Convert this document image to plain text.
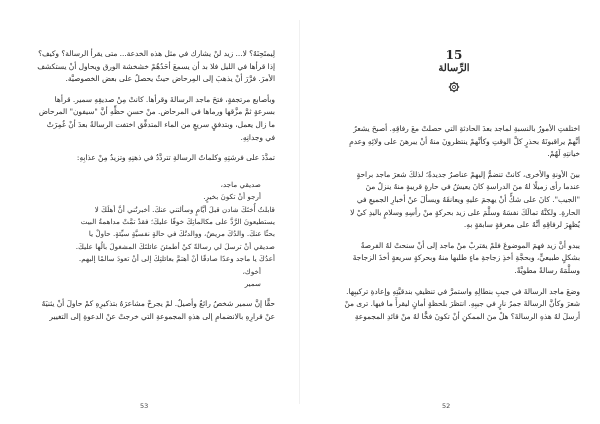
لِيمتَحِنَهُ؟ لا... زيد لنْ يشارك في مثل هذه الخدعة... متى يقرأ الرسالة؟ وكيف؟

إذا قرأها في الليل فلا بد أن يسمعَ أحَدُهُمْ خشخشة الورق ويحاول أنْ يستكشف

الأمرَ. فرَّرَ أنْ يذهبَ إلى المِرحاض حيثُ يحصلُ على بعض الخصوصيَّة.

وبأصابع مرتجفةٍ، فتحَ ماجد الرسالةَ وقرأها. كانتْ مِنْ صديقِهِ سمير. قرأها

بسرعةٍ ثمَّ مزَّقها ورماها في المرحاض. منْ حسنِ حظِّهِ أنَّ "سيفون" المرحاض

ما زال يعمل، وبتدفقٍ سريعٍ من الماء المتدفِّق اختفت الرسالةُ بعدَ أنْ غُمِرَتْ

في وجدانِهِ.

تمدَّدَ على فرشتِهِ وكلماتُ الرسالةِ تتردَّدُ في ذهنِهِ وتزيدُ مِنْ عذابِهِ:

صديقي ماجد،

أرجو أنْ تكونَ بخيرٍ.

قابلتُ أُختَكَ شادن قبلَ أيَّامٍ وسألتني عنكَ. أخبرتُني أنَّ أهلَكَ لا

يستطيعونَ الرَّدَّ على مكالماتِكَ خوفًا عليكَ؛ فقدْ تمَّتْ مداهمةُ البيت

بحثًا عنكَ. والدُكَ مريضٌ، ووالدتُكَ في حالةٍ نفسيَّةٍ سيِّئةٍ. حاولْ يا

صديقي أنْ ترسلَ لي رسالةً كيْ أطمئنَ عائلتَكَ المشغولَ بالُها عليكَ.

أعدُكَ يا ماجد وعدًا صادقًا أنْ أهتمَّ بعائلتِكَ إلى أنْ تعودَ سالمًا إليهم.

أخوك،

سمير

حقًّا إنَّ سمير شخصٌ رائعٌ وأصيلٌ. لمْ يجرحْ مشاعرَهُ بتذكيرِهِ كمْ حاولَ أنْ يثنيَهُ

عنْ قرارِهِ بالانضمامِ إلى هذهِ المجموعةِ التي خرجتْ عنْ الدعوةِ إلى التغيير

53
15
الرِّسالة

اختلفتِ الأمورُ بالنسبةِ لماجد بعدَ الحادثةِ التي حصلتْ معَ رفاقِهِ. أصبحَ يشعرُ

أنَّهمْ يراقبونَهُ بحذرٍ كلَّ الوقتِ وكأنَّهمْ ينتظرونَ منهُ أنْ يبرهنَ على ولائِهِ وعدمِ

خيانتِهِ لَهُمْ.

بينَ الأونةِ والأخرى، كانتْ تنضمُّ إليهمْ عناصرُ جديدةٌ؛ لذلكَ شعرَ ماجد براحةٍ

عندما رأى زميلًا لهُ منَ الدراسةِ كانَ يعيشُ في حارةٍ قريبةٍ منهُ ينزلُ منَ

"الجيب". كانَ على شكٍّ أنْ يهجمَ عليهِ ويعانقَهُ ويسألَ عنْ أخبارِ الجميعِ في

الحارةِ. ولكنَّهُ تمالَكَ نفسَهُ وسلَّمَ على زيد بحركةٍ منْ رأسِهِ وسلامٍ باليدِ كيْ لا

يُظهِرَ لرفاقِهِ أنَّهُ على معرفةٍ سابقةٍ بهِ.

يبدو أنَّ زيد فهمَ الموضوعَ فلمْ يقتربْ منْ ماجد إلى أنْ سنحتْ لهُ الفرصةُ

بشكلٍ طبيعيٍّ، وبحجَّةِ أخذِ زجاجةِ ماءٍ طلبها منهُ وبحركةٍ سريعةٍ أخذَ الزجاجةَ

وسلَّمَهُ رسالةً مطويَّةً.

وضعَ ماجد الرسالةَ في جيبِ بنطالِهِ واستمرَّ في تنظيفِ بندقيَّتِهِ وإعادةِ تركيبِها.

شعرَ وكأنَّ الرسالةَ جمرُ نارٍ في جيبِهِ. انتظرَ بلحظةٍ أمانٍ ليقرأَ ما فيها. ترى منْ

أرسلَ لهُ هذهِ الرسالةَ؟ هلْ منَ الممكنِ أنْ تكونَ فخًّا لهُ منْ قائدِ المجموعةِ

52
